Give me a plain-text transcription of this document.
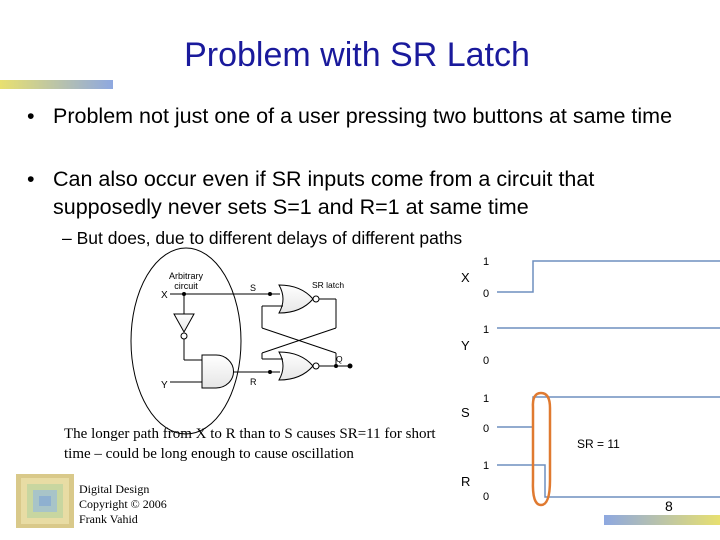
Problem with SR Latch
• Problem not just one of a user pressing two buttons at same time
• Can also occur even if SR inputs come from a circuit that supposedly never sets S=1 and R=1 at same time
– But does, due to different delays of different paths
Arbitrary
circuit
X
Y
S
R
SR latch
Q
X
1
0
Y
1
0
S
1
0
R
1
0
SR = 11
The longer path from X to R than to S causes SR=11 for short time – could be long enough to cause oscillation
Digital Design
Copyright © 2006
Frank Vahid
8
